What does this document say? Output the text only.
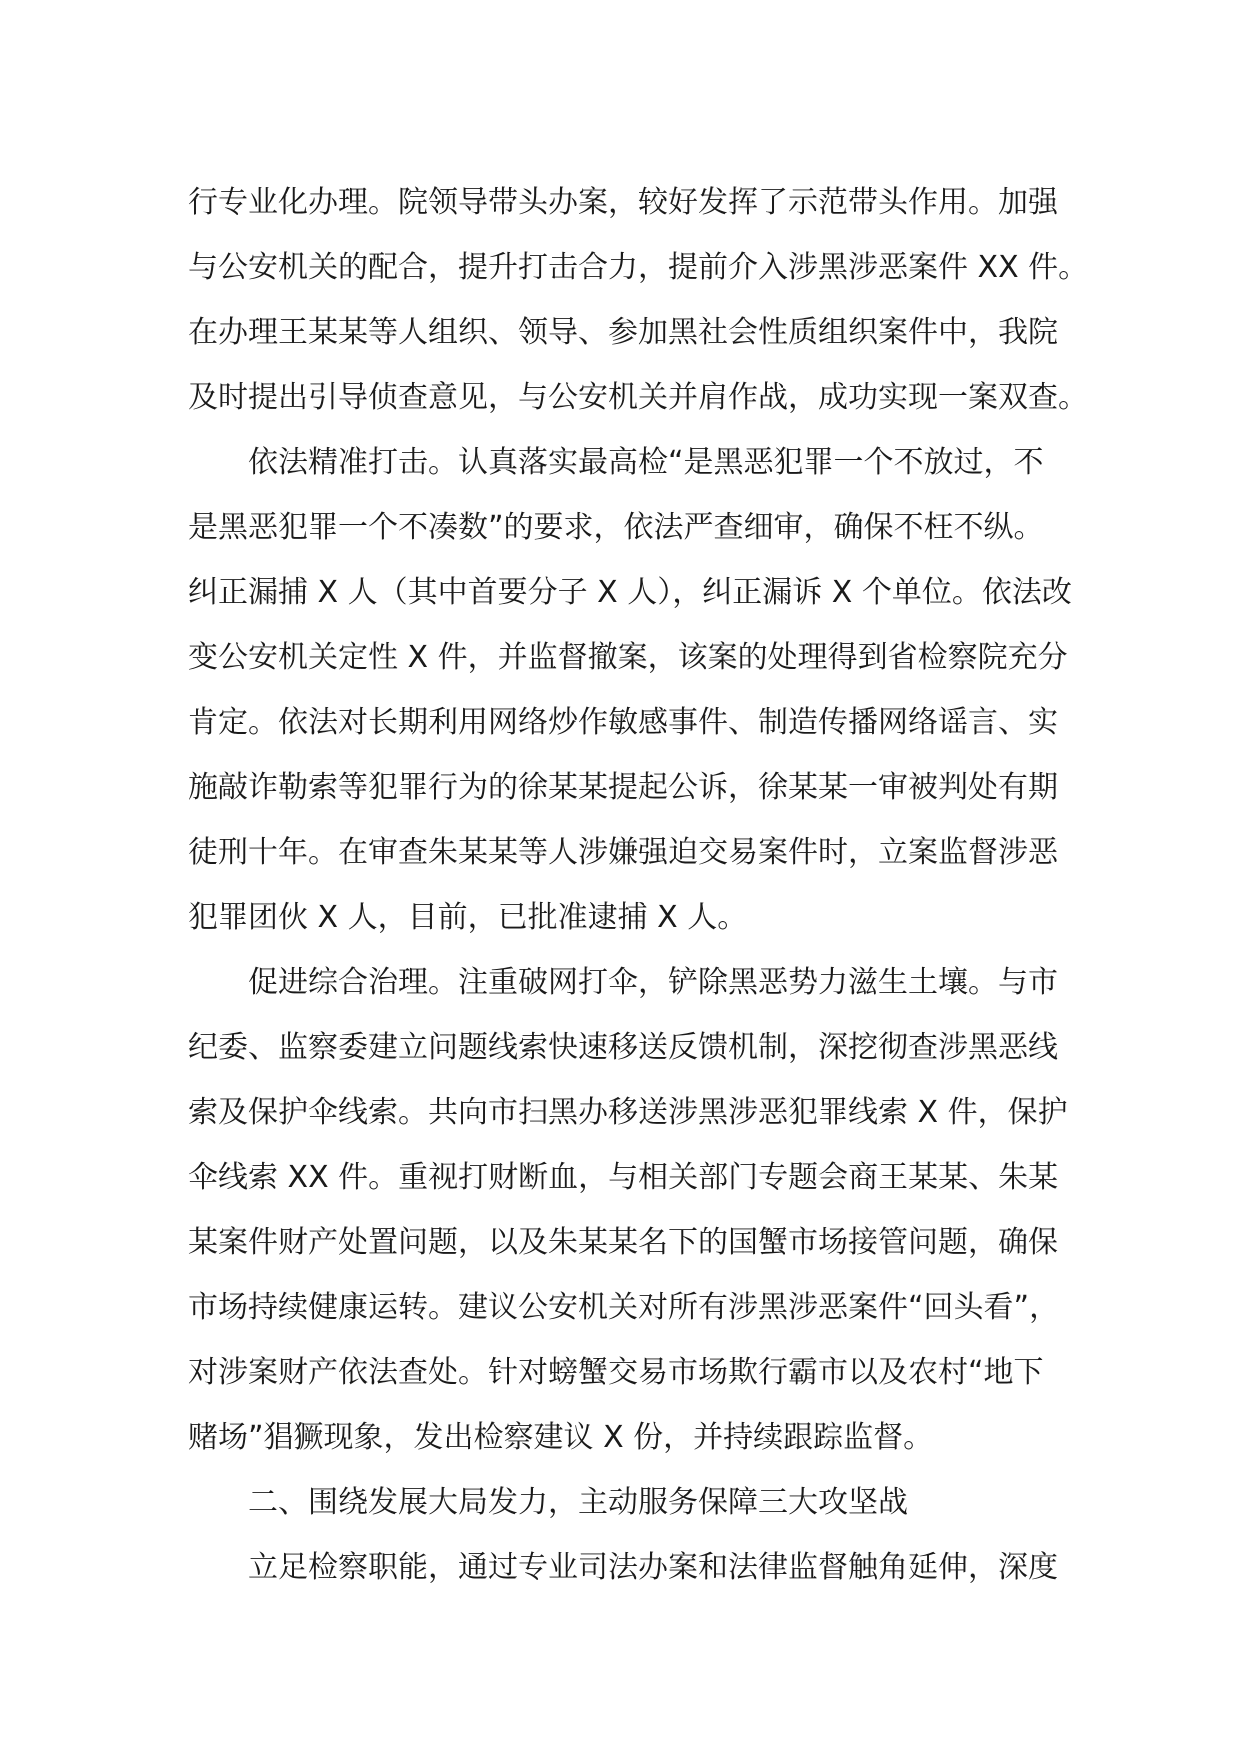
行专业化办理。院领导带头办案，较好发挥了示范带头作用。加强
与公安机关的配合，提升打击合力，提前介入涉黑涉恶案件 XX 件。
在办理王某某等人组织、领导、参加黑社会性质组织案件中，我院
及时提出引导侦查意见，与公安机关并肩作战，成功实现一案双查。
依法精准打击。认真落实最高检“是黑恶犯罪一个不放过，不
是黑恶犯罪一个不凑数”的要求，依法严查细审，确保不枉不纵。
纠正漏捕 X 人（其中首要分子 X 人），纠正漏诉 X 个单位。依法改
变公安机关定性 X 件，并监督撤案，该案的处理得到省检察院充分
肯定。依法对长期利用网络炒作敏感事件、制造传播网络谣言、实
施敲诈勒索等犯罪行为的徐某某提起公诉，徐某某一审被判处有期
徒刑十年。在审查朱某某等人涉嫌强迫交易案件时，立案监督涉恶
犯罪团伙 X 人，目前，已批准逮捕 X 人。
促进综合治理。注重破网打伞，铲除黑恶势力滋生土壤。与市
纪委、监察委建立问题线索快速移送反馈机制，深挖彻查涉黑恶线
索及保护伞线索。共向市扫黑办移送涉黑涉恶犯罪线索 X 件，保护
伞线索 XX 件。重视打财断血，与相关部门专题会商王某某、朱某
某案件财产处置问题，以及朱某某名下的国蟹市场接管问题，确保
市场持续健康运转。建议公安机关对所有涉黑涉恶案件“回头看”，
对涉案财产依法查处。针对螃蟹交易市场欺行霸市以及农村“地下
赌场”猖獗现象，发出检察建议 X 份，并持续跟踪监督。
二、围绕发展大局发力，主动服务保障三大攻坚战
立足检察职能，通过专业司法办案和法律监督触角延伸，深度
